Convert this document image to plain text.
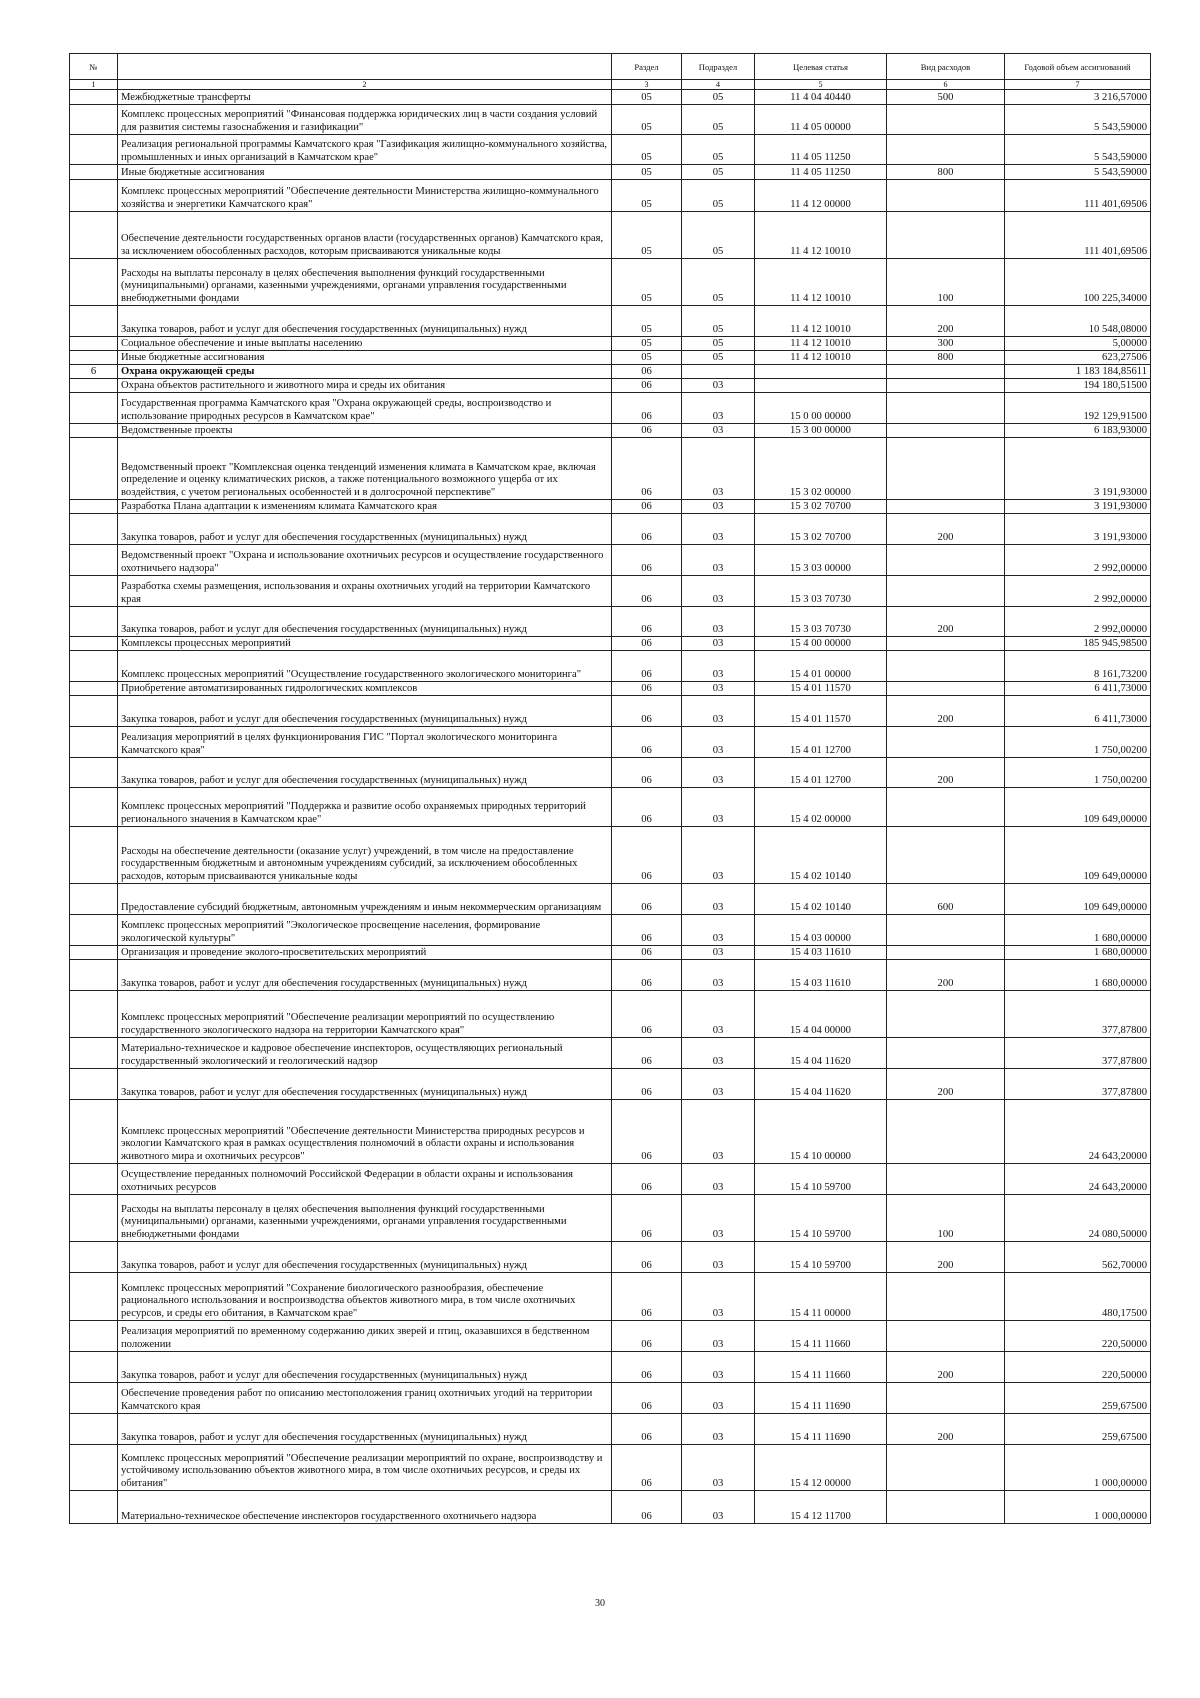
№		Раздел	Подраздел	Целевая статья	Вид расходов	Годовой объем ассигнований
1	2	3	4	5	6	7
	Межбюджетные трансферты	05	05	11 4 04 40440	500	3 216,57000
	Комплекс процессных мероприятий "Финансовая поддержка юридических лиц в части создания условий для развития системы газоснабжения и газификации"	05	05	11 4 05 00000		5 543,59000
	Реализация региональной программы Камчатского края "Газификация жилищно-коммунального хозяйства, промышленных и иных организаций в Камчатском крае"	05	05	11 4 05 11250		5 543,59000
	Иные бюджетные ассигнования	05	05	11 4 05 11250	800	5 543,59000
	Комплекс процессных мероприятий "Обеспечение деятельности Министерства жилищно-коммунального хозяйства и энергетики Камчатского края"	05	05	11 4 12 00000		111 401,69506
	Обеспечение деятельности государственных органов власти (государственных органов) Камчатского края, за исключением обособленных расходов, которым присваиваются уникальные коды	05	05	11 4 12 10010		111 401,69506
	Расходы на выплаты персоналу в целях обеспечения выполнения функций государственными (муниципальными) органами, казенными учреждениями, органами управления государственными внебюджетными фондами	05	05	11 4 12 10010	100	100 225,34000
	Закупка товаров, работ и услуг для обеспечения государственных (муниципальных) нужд	05	05	11 4 12 10010	200	10 548,08000
	Социальное обеспечение и иные выплаты населению	05	05	11 4 12 10010	300	5,00000
	Иные бюджетные ассигнования	05	05	11 4 12 10010	800	623,27506
6	Охрана окружающей среды	06				1 183 184,85611
	Охрана объектов растительного и животного мира и среды их обитания	06	03			194 180,51500
	Государственная программа Камчатского края "Охрана окружающей среды, воспроизводство и использование природных ресурсов в Камчатском крае"	06	03	15 0 00 00000		192 129,91500
	Ведомственные проекты	06	03	15 3 00 00000		6 183,93000
	Ведомственный проект "Комплексная оценка тенденций изменения климата в Камчатском крае, включая определение и оценку климатических рисков, а также потенциального возможного ущерба от их воздействия, с учетом региональных особенностей и в долгосрочной перспективе"	06	03	15 3 02 00000		3 191,93000
	Разработка Плана адаптации к изменениям климата Камчатского края	06	03	15 3 02 70700		3 191,93000
	Закупка товаров, работ и услуг для обеспечения государственных (муниципальных) нужд	06	03	15 3 02 70700	200	3 191,93000
	Ведомственный проект "Охрана и использование охотничьих ресурсов и осуществление государственного охотничьего надзора"	06	03	15 3 03 00000		2 992,00000
	Разработка схемы размещения, использования и охраны охотничьих угодий на территории Камчатского края	06	03	15 3 03 70730		2 992,00000
	Закупка товаров, работ и услуг для обеспечения государственных (муниципальных) нужд	06	03	15 3 03 70730	200	2 992,00000
	Комплексы процессных мероприятий	06	03	15 4 00 00000		185 945,98500
	Комплекс процессных мероприятий "Осуществление государственного экологического мониторинга"	06	03	15 4 01 00000		8 161,73200
	Приобретение автоматизированных гидрологических комплексов	06	03	15 4 01 11570		6 411,73000
	Закупка товаров, работ и услуг для обеспечения государственных (муниципальных) нужд	06	03	15 4 01 11570	200	6 411,73000
	Реализация мероприятий в целях функционирования ГИС "Портал экологического мониторинга Камчатского края"	06	03	15 4 01 12700		1 750,00200
	Закупка товаров, работ и услуг для обеспечения государственных (муниципальных) нужд	06	03	15 4 01 12700	200	1 750,00200
	Комплекс процессных мероприятий "Поддержка и развитие особо охраняемых природных территорий регионального значения в Камчатском крае"	06	03	15 4 02 00000		109 649,00000
	Расходы на обеспечение деятельности (оказание услуг) учреждений, в том числе на предоставление государственным бюджетным и автономным учреждениям субсидий, за исключением обособленных расходов, которым присваиваются уникальные коды	06	03	15 4 02 10140		109 649,00000
	Предоставление субсидий бюджетным, автономным учреждениям и иным некоммерческим организациям	06	03	15 4 02 10140	600	109 649,00000
	Комплекс процессных мероприятий "Экологическое просвещение населения, формирование экологической культуры"	06	03	15 4 03 00000		1 680,00000
	Организация и проведение эколого-просветительских мероприятий	06	03	15 4 03 11610		1 680,00000
	Закупка товаров, работ и услуг для обеспечения государственных (муниципальных) нужд	06	03	15 4 03 11610	200	1 680,00000
	Комплекс процессных мероприятий "Обеспечение реализации мероприятий по осуществлению государственного экологического надзора на территории Камчатского края"	06	03	15 4 04 00000		377,87800
	Материально-техническое и кадровое обеспечение инспекторов, осуществляющих региональный государственный экологический и геологический надзор	06	03	15 4 04 11620		377,87800
	Закупка товаров, работ и услуг для обеспечения государственных (муниципальных) нужд	06	03	15 4 04 11620	200	377,87800
	Комплекс процессных мероприятий "Обеспечение деятельности Министерства природных ресурсов и экологии Камчатского края в рамках осуществления полномочий в области охраны и использования животного мира и охотничьих ресурсов"	06	03	15 4 10 00000		24 643,20000
	Осуществление переданных полномочий Российской Федерации в области охраны и использования охотничьих ресурсов	06	03	15 4 10 59700		24 643,20000
	Расходы на выплаты персоналу в целях обеспечения выполнения функций государственными (муниципальными) органами, казенными учреждениями, органами управления государственными внебюджетными фондами	06	03	15 4 10 59700	100	24 080,50000
	Закупка товаров, работ и услуг для обеспечения государственных (муниципальных) нужд	06	03	15 4 10 59700	200	562,70000
	Комплекс процессных мероприятий "Сохранение биологического разнообразия, обеспечение рационального использования и воспроизводства объектов животного мира, в том числе охотничьих ресурсов, и среды его обитания, в Камчатском крае"	06	03	15 4 11 00000		480,17500
	Реализация мероприятий по временному содержанию диких зверей и птиц, оказавшихся в бедственном положении	06	03	15 4 11 11660		220,50000
	Закупка товаров, работ и услуг для обеспечения государственных (муниципальных) нужд	06	03	15 4 11 11660	200	220,50000
	Обеспечение проведения работ по описанию местоположения границ охотничьих угодий на территории Камчатского края	06	03	15 4 11 11690		259,67500
	Закупка товаров, работ и услуг для обеспечения государственных (муниципальных) нужд	06	03	15 4 11 11690	200	259,67500
	Комплекс процессных мероприятий "Обеспечение реализации мероприятий по охране, воспроизводству и устойчивому использованию объектов животного мира, в том числе охотничьих ресурсов, и среды их обитания"	06	03	15 4 12 00000		1 000,00000
	Материально-техническое обеспечение инспекторов государственного охотничьего надзора	06	03	15 4 12 11700		1 000,00000
30
